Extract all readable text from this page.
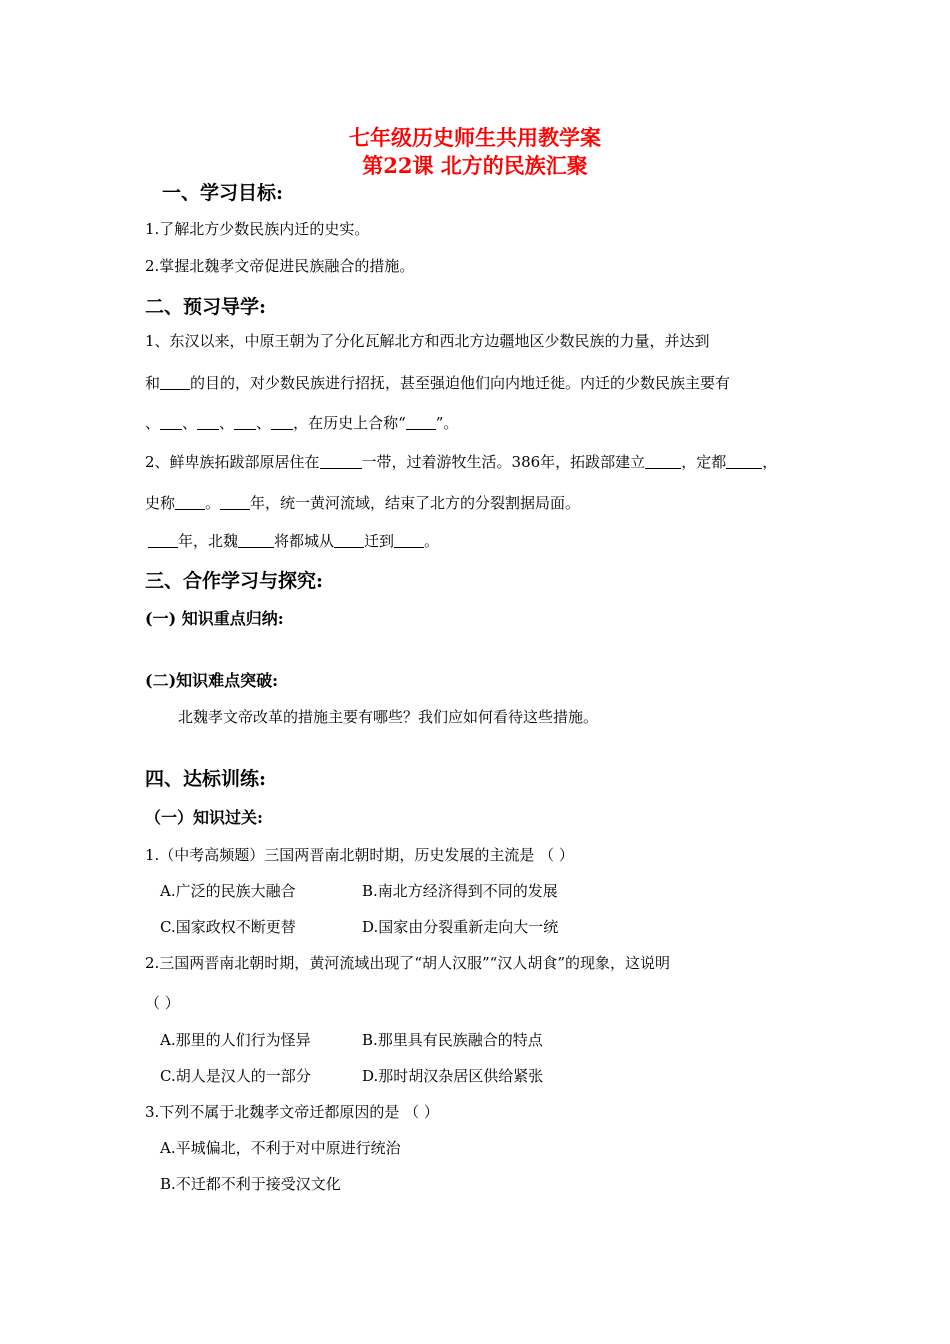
七年级历史师生共用教学案
第22课 北方的民族汇聚
一、学习目标:
1.了解北方少数民族内迁的史实。
2.掌握北魏孝文帝促进民族融合的措施。
二、预习导学:
1、东汉以来，中原王朝为了分化瓦解北方和西北方边疆地区少数民族的力量，并达到
和 的目的，对少数民族进行招抚，甚至强迫他们向内地迁徙。内迁的少数民族主要有
、 、 、 、 ，在历史上合称“ ”。
2、鲜卑族拓跋部原居住在	一带，过着游牧生活。386年，拓跋部建立 ，定都 ，
史称 。 年，统一黄河流域，结束了北方的分裂割据局面。
年，北魏 将都城从 迁到 。
三、合作学习与探究:
(一) 知识重点归纳:
(二)知识难点突破:
北魏孝文帝改革的措施主要有哪些？我们应如何看待这些措施。
四、达标训练:
（一）知识过关:
1.（中考高频题）三国两晋南北朝时期，历史发展的主流是 （ ）
A.广泛的民族大融合	B.南北方经济得到不同的发展
C.国家政权不断更替	D.国家由分裂重新走向大一统
2.三国两晋南北朝时期，黄河流域出现了“胡人汉服”“汉人胡食”的现象，这说明
（ ）
A.那里的人们行为怪异	B.那里具有民族融合的特点
C.胡人是汉人的一部分	D.那时胡汉杂居区供给紧张
3.下列不属于北魏孝文帝迁都原因的是 （ ）
A.平城偏北，不利于对中原进行统治
B.不迁都不利于接受汉文化
